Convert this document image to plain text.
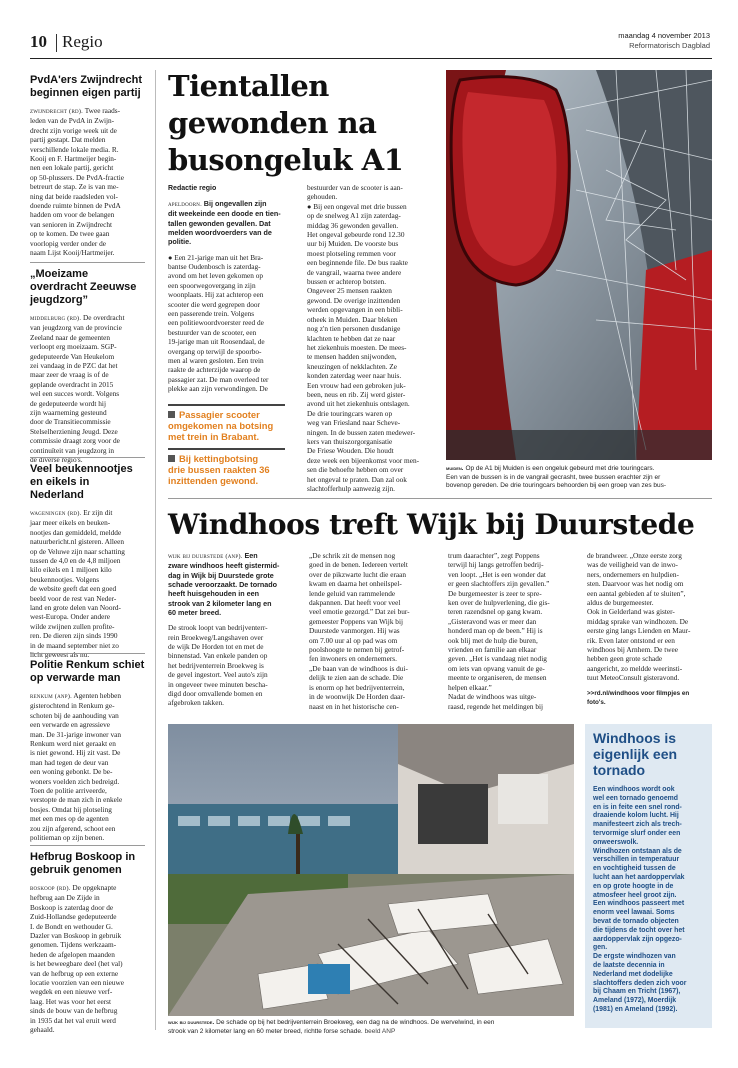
10 Regio	maandag 4 november 2013
Reformatorisch Dagblad
PvdA'ers Zwijndrecht beginnen eigen partij
zwijndrecht (rd). Twee raads-
leden van de PvdA in Zwijn-
drecht zijn vorige week uit de
partij gestapt. Dat melden
verschillende lokale media. R.
Kooij en F. Hartmeijer begin-
nen een lokale partij, gericht
op 50-plussers. De PvdA-fractie
betreurt de stap. Ze is van me-
ning dat beide raadsleden vol-
doende ruimte binnen de PvdA
hadden om voor de belangen
van senioren in Zwijndrecht
op te komen. De twee gaan
voorlopig verder onder de
naam Lijst Kooij/Hartmeijer.
„Moeizame overdracht Zeeuwse jeugdzorg”
middelburg (rd). De overdracht
van jeugdzorg van de provincie
Zeeland naar de gemeenten
verloopt erg moeizaam. SGP-
gedeputeerde Van Heukelom
zei vandaag in de PZC dat het
maar zeer de vraag is of de
geplande overdracht in 2015
wel een succes wordt. Volgens
de gedeputeerde wordt hij
zijn waarneming gesteund
door de Transitiecommissie
Stelselherziening Jeugd. Deze
commissie draagt zorg voor de
continuïteit van jeugdzorg in
de diverse regio's.
Veel beukennootjes en eikels in Nederland
wageningen (rd). Er zijn dit
jaar meer eikels en beuken-
nootjes dan gemiddeld, meldde
natuurbericht.nl gisteren. Alleen
op de Veluwe zijn naar schatting
tussen de 4,0 en de 4,8 miljoen
kilo eikels en 1 miljoen kilo
beukennootjes. Volgens
de website geeft dat een goed
beeld voor de rest van Neder-
land en grote delen van Noord-
west-Europa. Onder andere
wilde zwijnen zullen profite-
ren. De dieren zijn sinds 1990
in de maand september niet zo
licht geweest als nu.
Politie Renkum schiet op verwarde man
renkum (anp). Agenten hebben
gisterochtend in Renkum ge-
schoten bij de aanhouding van
een verwarde en agressieve
man. De 31-jarige inwoner van
Renkum werd niet geraakt en
is niet gewond. Hij zit vast. De
man had tegen de deur van
een woning gebonkt. De be-
woners voelden zich bedreigd.
Toen de politie arriveerde,
verstopte de man zich in enkele
bosjes. Omdat hij plotseling
met een mes op de agenten
zou zijn afgerend, schoot een
politieman op zijn benen.
Hefbrug Boskoop in gebruik genomen
boskoop (rd). De opgeknapte
hefbrug aan De Zijde in
Boskoop is zaterdag door de
Zuid-Hollandse gedeputeerde
I. de Bondt en wethouder G.
Dazler van Boskoop in gebruik
genomen. Tijdens werkzaam-
heden de afgelopen maanden
is het beweegbare deel (het val)
van de hefbrug op een externe
locatie voorzien van een nieuwe
wegdek en een nieuwe verf-
laag. Het was voor het eerst
sinds de bouw van de hefbrug
in 1935 dat het val eruit werd
gehaald.
Tientallen
gewonden na
busongeluk A1
Redactie regio
apeldoorn. Bij ongevallen zijn
dit weekeinde een doode en tien-
tallen gewonden gevallen. Dat
melden woordvoerders van de
politie.
● Een 21-jarige man uit het Bra-
bantse Oudenbosch is zaterdag-
avond om het leven gekomen op
een spoorwegovergang in zijn
woonplaats. Hij zat achterop een
scooter die werd gegrepen door
een passerende trein. Volgens
een politiewoordvoerster reed de
bestuurder van de scooter, een
19-jarige man uit Roosendaal, de
overgang op terwijl de spoorbo-
men al waren gesloten. Een trein
raakte de achterzijde waarop de
passagier zat. De man overleed ter
plekke aan zijn verwondingen. De
Passagier scooter
omgekomen na botsing
met trein in Brabant.
Bij kettingbotsing
drie bussen raakten 36
inzittenden gewond.
bestuurder van de scooter is aan-
gehouden.
● Bij een ongeval met drie bussen
op de snelweg A1 zijn zaterdag-
middag 36 gewonden gevallen.
Het ongeval gebeurde rond 12.30
uur bij Muiden. De voorste bus
moest plotseling remmen voor
een beginnende file. De bus raakte
de vangrail, waarna twee andere
bussen er achterop botsten.
Ongeveer 25 mensen raakten
gewond. De overige inzittenden
werden opgevangen in een bibli-
otheek in Muiden. Daar bleken
nog z'n tien personen dusdanige
klachten te hebben dat ze naar
het ziekenhuis moesten. De mees-
te mensen hadden snijwonden,
kneuzingen of nekklachten. Ze
konden zaterdag weer naar huis.
Een vrouw had een gebroken juk-
been, neus en rib. Zij werd gister-
avond uit het ziekenhuis ontslagen.
De drie touringcars waren op
weg van Friesland naar Scheve-
ningen. In de bussen zaten medewer-
kers van thuiszorgorganisatie
De Friese Wouden. Die houdt
deze week een bijeenkomst voor men-
sen die behoefte hebben om over
het ongeval te praten. Dan zal ook
slachtofferhulp aanwezig zijn.
muiden. Op de A1 bij Muiden is een ongeluk gebeurd met drie touringcars.
Een van de bussen is in de vangrail gecrasht, twee bussen erachter zijn er
bovenop gereden. De drie touringcars behoorden bij een groep van zes bus-
Windhoos treft Wijk bij Duurstede
wijk bij duurstede (anp). Een
zware windhoos heeft gistermid-
dag in Wijk bij Duurstede grote
schade veroorzaakt. De tornado
heeft huisgehouden in een
strook van 2 kilometer lang en
60 meter breed.
De strook loopt van bedrijventerr-
rein Broekweg/Langshaven over
de wijk De Horden tot en met de
binnenstad. Van enkele panden op
het bedrijventerrein Broekweg is
de gevel ingestort. Veel auto's zijn
in ongeveer twee minuten bescha-
digd door omvallende bomen en
afgebroken takken.
„De schrik zit de mensen nog
goed in de benen. Iedereen vertelt
over de pikzwarte lucht die eraan
kwam en daarna het onheilspel-
lende geluid van rammelende
dakpannen. Dat heeft voor veel
veel emotie gezorgd.” Dat zei bur-
gemeester Poppens van Wijk bij
Duurstede vanmorgen. Hij was
om 7.00 uur al op pad was om
poolshoogte te nemen bij getrof-
fen inwoners en ondernemers.
„De baan van de windhoos is dui-
delijk te zien aan de schade. Die
is enorm op het bedrijventerrein,
in de woonwijk De Horden daar-
naast en in het historische cen-
trum daarachter”, zegt Poppens
terwijl hij langs getroffen bedrij-
ven loopt. „Het is een wonder dat
er geen slachtoffers zijn gevallen.”
De burgemeester is zeer te spre-
ken over de hulpverlening, die gis-
teren razendsnel op gang kwam.
„Gisteravond was er meer dan
honderd man op de been.” Hij is
ook blij met de hulp die buren,
vrienden en familie aan elkaar
geven. „Het is vandaag niet nodig
om iets van opvang vanuit de ge-
meente te organiseren, de mensen
helpen elkaar.”
Nadat de windhoos was uitge-
raasd, regende het meldingen bij
de brandweer. „Onze eerste zorg
was de veiligheid van de inwo-
ners, ondernemers en hulpdien-
sten. Daarvoor was het nodig om
een aantal gebieden af te sluiten”,
aldus de burgemeester.
Ook in Gelderland was gister-
middag sprake van windhozen. De
eerste ging langs Lienden en Maur-
rik. Even later ontstond er een
windhoos bij Arnhem. De twee
hebben geen grote schade
aangericht, zo meldde weerinsti-
tuut MeteoConsult gisteravond.
>>rd.nl/windhoos voor filmpjes en
foto's.
wijk bij duurstede. De schade op bij het bedrijventerrein Broekweg, een dag na de windhoos. De wervelwind, in een
strook van 2 kilometer lang en 60 meter breed, richtte forse schade. beeld ANP
Windhoos is
eigenlijk een
tornado
Een windhoos wordt ook
wel een tornado genoemd
en is in feite een snel rond-
draaiende kolom lucht. Hij
manifesteert zich als trech-
tervormige slurf onder een
onweerswolk.
Windhozen ontstaan als de
verschillen in temperatuur
en vochtigheid tussen de
lucht aan het aardoppervlak
en op grote hoogte in de
atmosfeer heel groot zijn.
Een windhoos passeert met
enorm veel lawaai. Soms
bevat de tornado objecten
die tijdens de tocht over het
aardoppervlak zijn opgezo-
gen.
De ergste windhozen van
de laatste decennia in
Nederland met dodelijke
slachtoffers deden zich voor
bij Chaam en Tricht (1967),
Ameland (1972), Moerdijk
(1981) en Ameland (1992).
